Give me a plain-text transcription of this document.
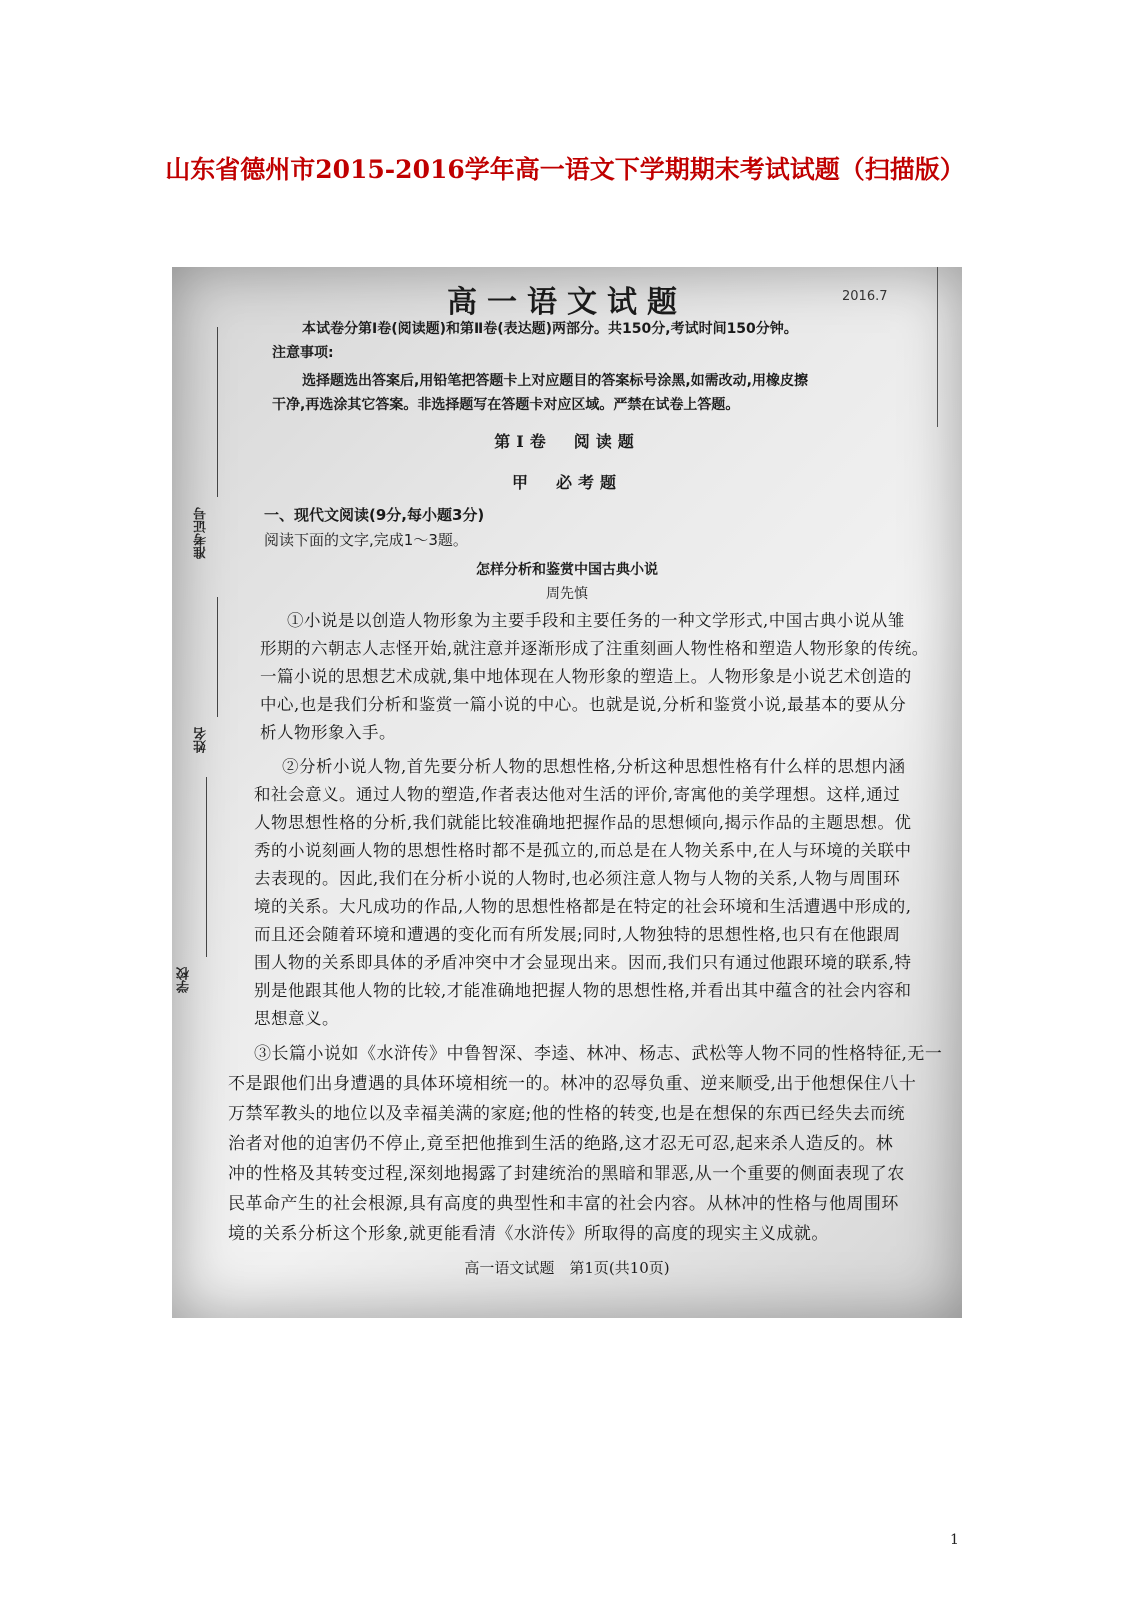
山东省德州市2015-2016学年高一语文下学期期末考试试题（扫描版）
高一语文试题	2016.7
本试卷分第Ⅰ卷(阅读题)和第Ⅱ卷(表达题)两部分。共150分,考试时间150分钟。
注意事项:
选择题选出答案后,用铅笔把答题卡上对应题目的答案标号涂黑,如需改动,用橡皮擦
干净,再选涂其它答案。非选择题写在答题卡对应区域。严禁在试卷上答题。
第Ⅰ卷　阅读题
甲　必考题
一、现代文阅读(9分,每小题3分)
阅读下面的文字,完成1～3题。
怎样分析和鉴赏中国古典小说
周先慎
①小说是以创造人物形象为主要手段和主要任务的一种文学形式,中国古典小说从雏
形期的六朝志人志怪开始,就注意并逐渐形成了注重刻画人物性格和塑造人物形象的传统。
一篇小说的思想艺术成就,集中地体现在人物形象的塑造上。人物形象是小说艺术创造的
中心,也是我们分析和鉴赏一篇小说的中心。也就是说,分析和鉴赏小说,最基本的要从分
析人物形象入手。
②分析小说人物,首先要分析人物的思想性格,分析这种思想性格有什么样的思想内涵
和社会意义。通过人物的塑造,作者表达他对生活的评价,寄寓他的美学理想。这样,通过
人物思想性格的分析,我们就能比较准确地把握作品的思想倾向,揭示作品的主题思想。优
秀的小说刻画人物的思想性格时都不是孤立的,而总是在人物关系中,在人与环境的关联中
去表现的。因此,我们在分析小说的人物时,也必须注意人物与人物的关系,人物与周围环
境的关系。大凡成功的作品,人物的思想性格都是在特定的社会环境和生活遭遇中形成的,
而且还会随着环境和遭遇的变化而有所发展;同时,人物独特的思想性格,也只有在他跟周
围人物的关系即具体的矛盾冲突中才会显现出来。因而,我们只有通过他跟环境的联系,特
别是他跟其他人物的比较,才能准确地把握人物的思想性格,并看出其中蕴含的社会内容和
思想意义。
③长篇小说如《水浒传》中鲁智深、李逵、林冲、杨志、武松等人物不同的性格特征,无一
不是跟他们出身遭遇的具体环境相统一的。林冲的忍辱负重、逆来顺受,出于他想保住八十
万禁军教头的地位以及幸福美满的家庭;他的性格的转变,也是在想保的东西已经失去而统
治者对他的迫害仍不停止,竟至把他推到生活的绝路,这才忍无可忍,起来杀人造反的。林
冲的性格及其转变过程,深刻地揭露了封建统治的黑暗和罪恶,从一个重要的侧面表现了农
民革命产生的社会根源,具有高度的典型性和丰富的社会内容。从林冲的性格与他周围环
境的关系分析这个形象,就更能看清《水浒传》所取得的高度的现实主义成就。
高一语文试题　第1页(共10页)
准考证号
姓名
学校
1
